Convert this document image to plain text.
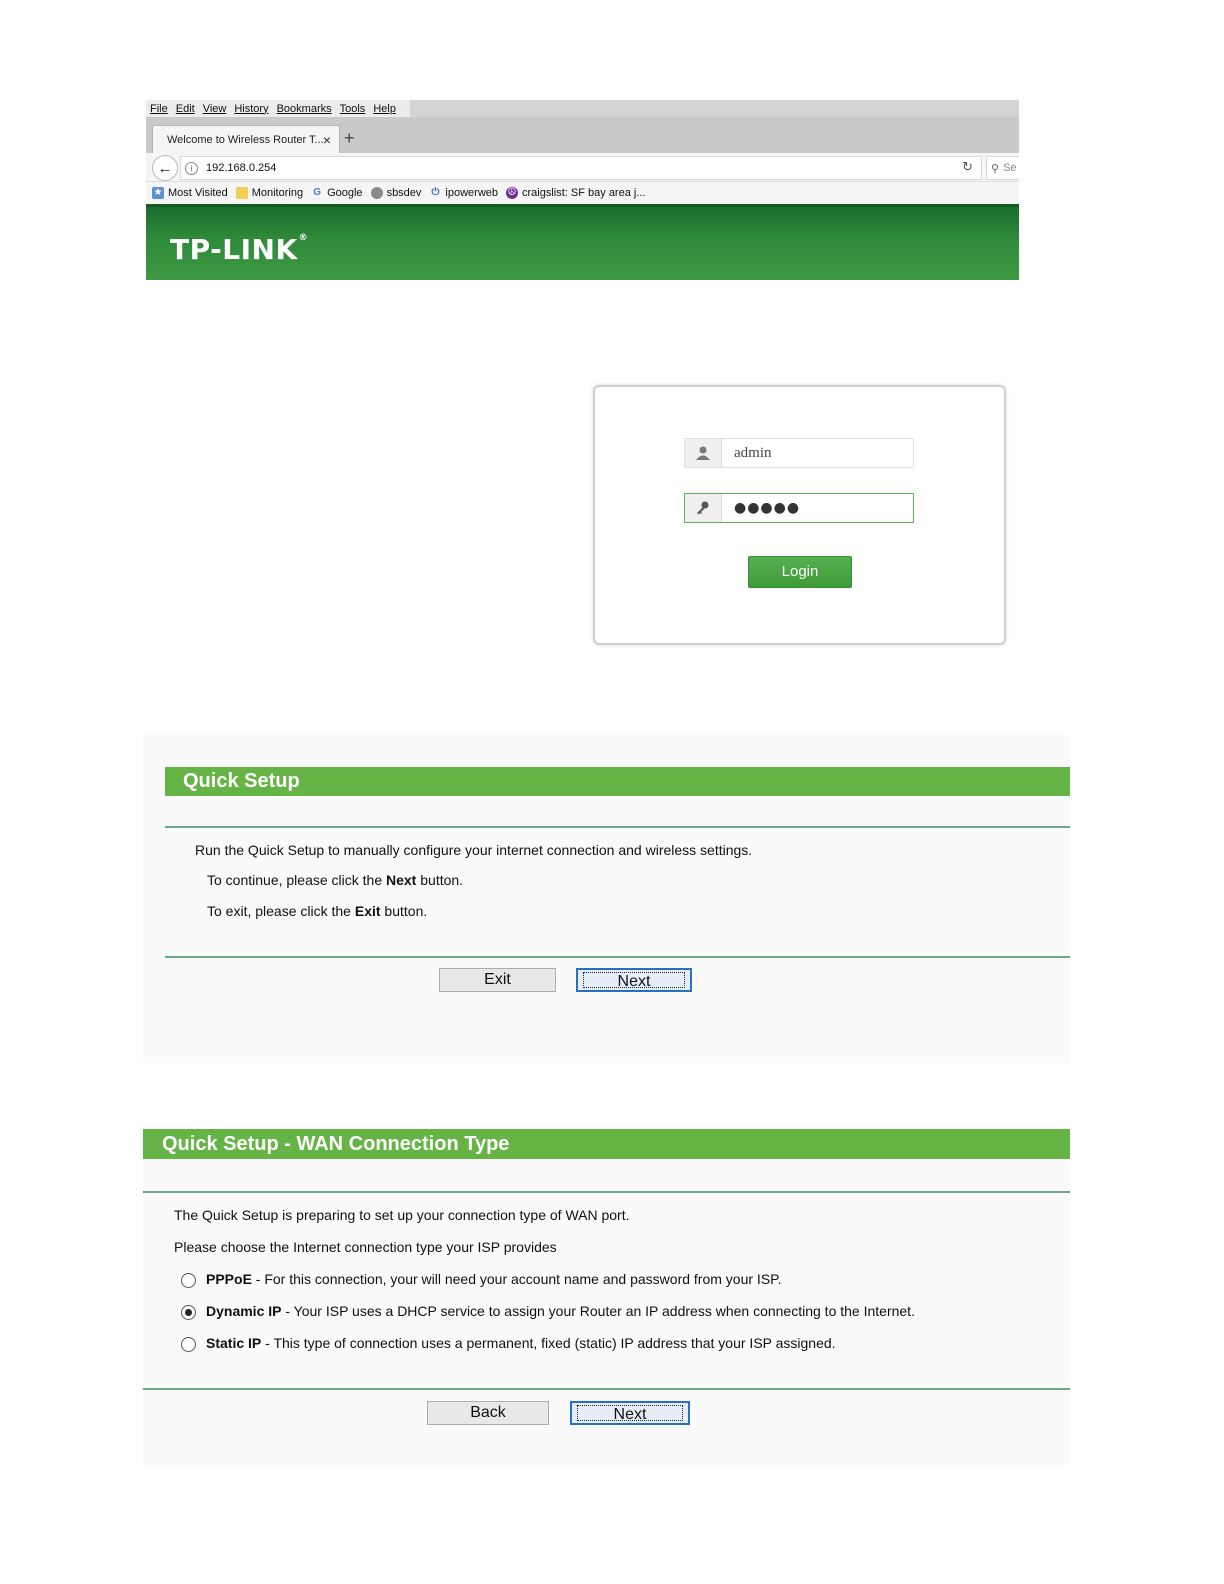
File Edit View History Bookmarks Tools Help
Welcome to Wireless Router T... × +
←	i	192.168.0.254	↻ ⚲ Se
★ Most Visited Monitoring G Google sbsdev ⏻ ipowerweb ☮ craigslist: SF bay area j...
TP-LINK®
admin
●●●●●
Login
Quick Setup
Run the Quick Setup to manually configure your internet connection and wireless settings.
To continue, please click the Next button.
To exit, please click the Exit button.
Exit	Next
Quick Setup - WAN Connection Type
The Quick Setup is preparing to set up your connection type of WAN port.
Please choose the Internet connection type your ISP provides
PPPoE - For this connection, your will need your account name and password from your ISP.
Dynamic IP - Your ISP uses a DHCP service to assign your Router an IP address when connecting to the Internet.
Static IP - This type of connection uses a permanent, fixed (static) IP address that your ISP assigned.
Back	Next
